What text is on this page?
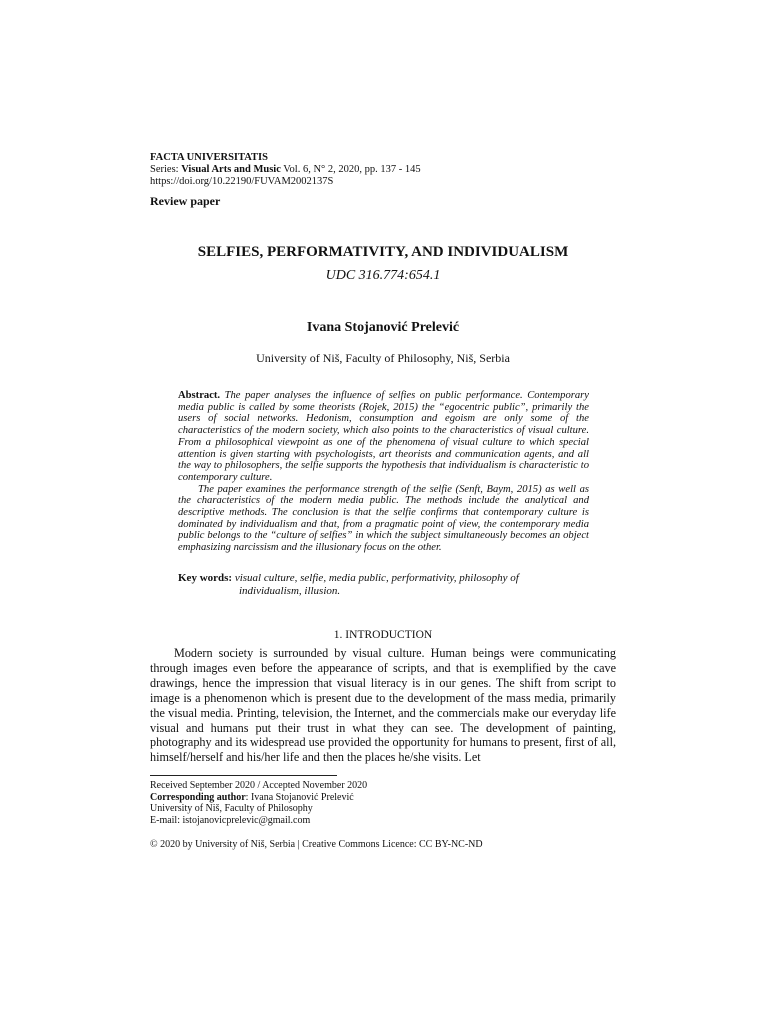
FACTA UNIVERSITATIS
Series: Visual Arts and Music Vol. 6, N° 2, 2020, pp. 137 - 145
https://doi.org/10.22190/FUVAM2002137S
Review paper
SELFIES, PERFORMATIVITY, AND INDIVIDUALISM
UDC 316.774:654.1
Ivana Stojanović Prelević
University of Niš, Faculty of Philosophy, Niš, Serbia

Abstract. The paper analyses the influence of selfies on public performance. Contemporary media public is called by some theorists (Rojek, 2015) the “egocentric public”, primarily the users of social networks. Hedonism, consumption and egoism are only some of the characteristics of the modern society, which also points to the characteristics of visual culture. From a philosophical viewpoint as one of the phenomena of visual culture to which special attention is given starting with psychologists, art theorists and communication agents, and all the way to philosophers, the selfie supports the hypothesis that individualism is characteristic to contemporary culture.

The paper examines the performance strength of the selfie (Senft, Baym, 2015) as well as the characteristics of the modern media public. The methods include the analytical and descriptive methods. The conclusion is that the selfie confirms that contemporary culture is dominated by individualism and that, from a pragmatic point of view, the contemporary media public belongs to the “culture of selfies” in which the subject simultaneously becomes an object emphasizing narcissism and the illusionary focus on the other.

Key words: visual culture, selfie, media public, performativity, philosophy of
individualism, illusion.
1. INTRODUCTION

Modern society is surrounded by visual culture. Human beings were communicating through images even before the appearance of scripts, and that is exemplified by the cave drawings, hence the impression that visual literacy is in our genes. The shift from script to image is a phenomenon which is present due to the development of the mass media, primarily the visual media. Printing, television, the Internet, and the commercials make our everyday life visual and humans put their trust in what they can see. The development of painting, photography and its widespread use provided the opportunity for humans to present, first of all, himself/herself and his/her life and then the places he/she visits. Let

Received September 2020 / Accepted November 2020
Corresponding author: Ivana Stojanović Prelević
University of Niš, Faculty of Philosophy
E-mail: istojanovicprelevic@gmail.com
© 2020 by University of Niš, Serbia | Creative Commons Licence: CC BY-NC-ND
